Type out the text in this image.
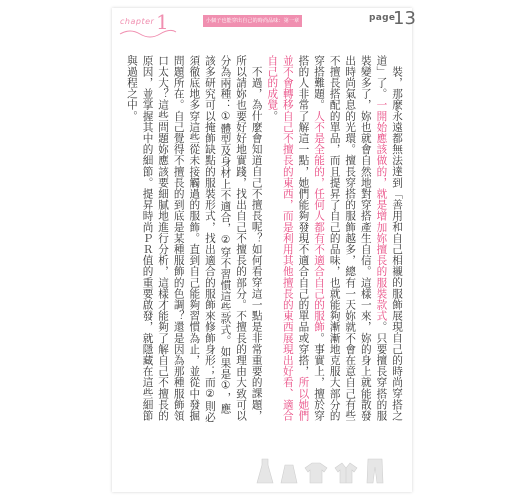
chapter 1	小個子也能穿出自己的時尚品味：第一章	page
13

裝，那麼永遠都無法達到「善用和自己相襯的服飾展現自己的時尚穿搭之道」了。一開始應該做的，就是增加妳擅長的服裝款式。只要擅長穿搭的服裝變多了，妳也就會自然地對穿搭產生自信。這樣一來，妳的身上就能散發出時尚氣息的光環。擅長穿搭的服飾越多，總有一天妳就不會在意自己有些不擅長搭配的單品，而且提昇了自己的品味，也就能夠漸漸地克服大部分的穿搭難題。人不是全能的，任何人都有不適合自己的服飾。事實上，擅於穿搭的人非常了解這一點，她們能夠發現不適合自己的單品或穿搭，所以她們並不會轉移自己不擅長的東西，而是利用其他擅長的東西展現出好看、適合自己的成覺。

不過，為什麼會知道自己不擅長呢？如何看穿這一點是非常重要的課題，所以請妳也要好好地實踐，找出自己不擅長的部分。不擅長的理由大致可以分為兩種：①體型及身材上不適合，②穿不習慣這些款式。如果是①，應該多研究可以掩飾缺點的服裝形式，找出適合的服飾來修飾身形；而②則必須徹底地多穿這些從未接觸過的服飾。直到自己能夠習慣為止，並從中發掘問題所在。自己覺得不擅長的到底是某種服飾的色調？還是因為那種服飾領口太大？這些問題妳應該要細膩地進行分析，這樣才能夠了解自己不擅長的原因，並掌握其中的細節。提昇時尚ＰＲ值的重要啟發，就隱藏在這些細節與過程之中。
